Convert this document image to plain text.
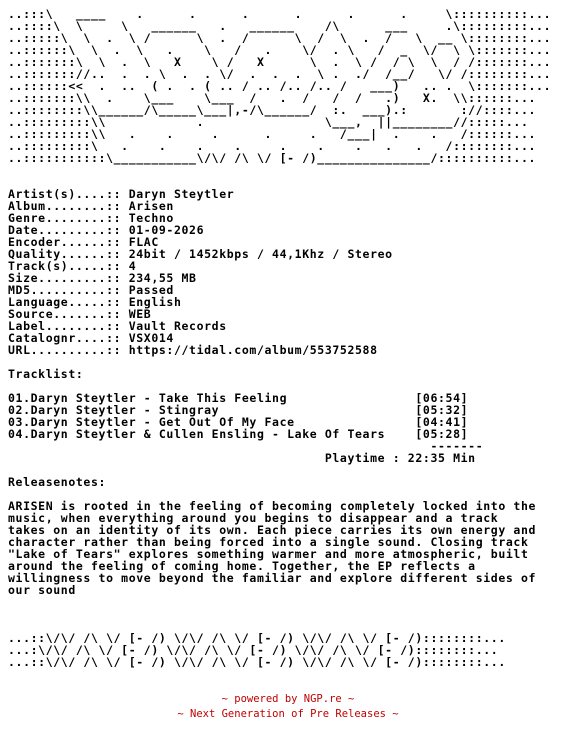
..:::\   ____    .      .      .      .      .      .     \::::::::::...
..::::\  \     \   ______   .   ______    /\      ___     .\:::::::::...
..:::::\  \  .  \ /      \  .  /      \  /  \  .  /   \  __ \::::::::...
..::::::\  \  .  \   .    \   /   .    \/  . \   /  _  \/  \ \:::::::...
..:::::::\  \  .  \   X    \ /   X      \  .  \ /  / \  \  / /:::::::...
..::::::://..  .  . \  .  . \/  .  .  .  \ .  ./  /__/   \/ /::::::::...
..::::::<<  .  ..  ( .  . ( .. / .. /.. /.. /   ___)   .. .  \:::::::...
..:::::::\\  .    \___    \___  /   .  /   /  /   .)   X.  \\::::::...
..::::::::\\______/\_____\___|,-/\______/  :.  ___).:       ://::::...
..:::::::::\\            .                \___,  ||________//:::::...
..:::::::::\\   .    .     .      .     .   /___|  .    .   /::::::...
..:::::::::\   .    .    .    .     .    .    .   .   .   /::::::::...
..:::::::::::\___________\/\/ /\ \/ [- /)_______________/::::::::::...

Artist(s)....:: Daryn Steytler
Album........:: Arisen
Genre........:: Techno
Date.........:: 01-09-2026
Encoder......:: FLAC
Quality......:: 24bit / 1452kbps / 44,1Khz / Stereo
Track(s).....:: 4
Size.........:: 234,55 MB
MD5..........:: Passed
Language.....:: English
Source.......:: WEB
Label........:: Vault Records
Catalognr....:: VSX014
URL..........:: https://tidal.com/album/553752588

Tracklist:

01.Daryn Steytler - Take This Feeling                 [06:54]
02.Daryn Steytler - Stingray                          [05:32]
03.Daryn Steytler - Get Out Of My Face                [04:41]
04.Daryn Steytler & Cullen Ensling - Lake Of Tears    [05:28]
-------
Playtime : 22:35 Min

Releasenotes:

ARISEN is rooted in the feeling of becoming completely locked into the
music, when everything around you begins to disappear and a track
takes on an identity of its own. Each piece carries its own energy and
character rather than being forced into a single sound. Closing track
"Lake of Tears" explores something warmer and more atmospheric, built
around the feeling of coming home. Together, the EP reflects a
willingness to move beyond the familiar and explore different sides of
our sound

...::\/\/ /\ \/ [- /) \/\/ /\ \/ [- /) \/\/ /\ \/ [- /)::::::::...
...:\/\/ /\ \/ [- /) \/\/ /\ \/ [- /) \/\/ /\ \/ [- /)::::::::...
...::\/\/ /\ \/ [- /) \/\/ /\ \/ [- /) \/\/ /\ \/ [- /)::::::::...
~ powered by NGP.re ~
~ Next Generation of Pre Releases ~
